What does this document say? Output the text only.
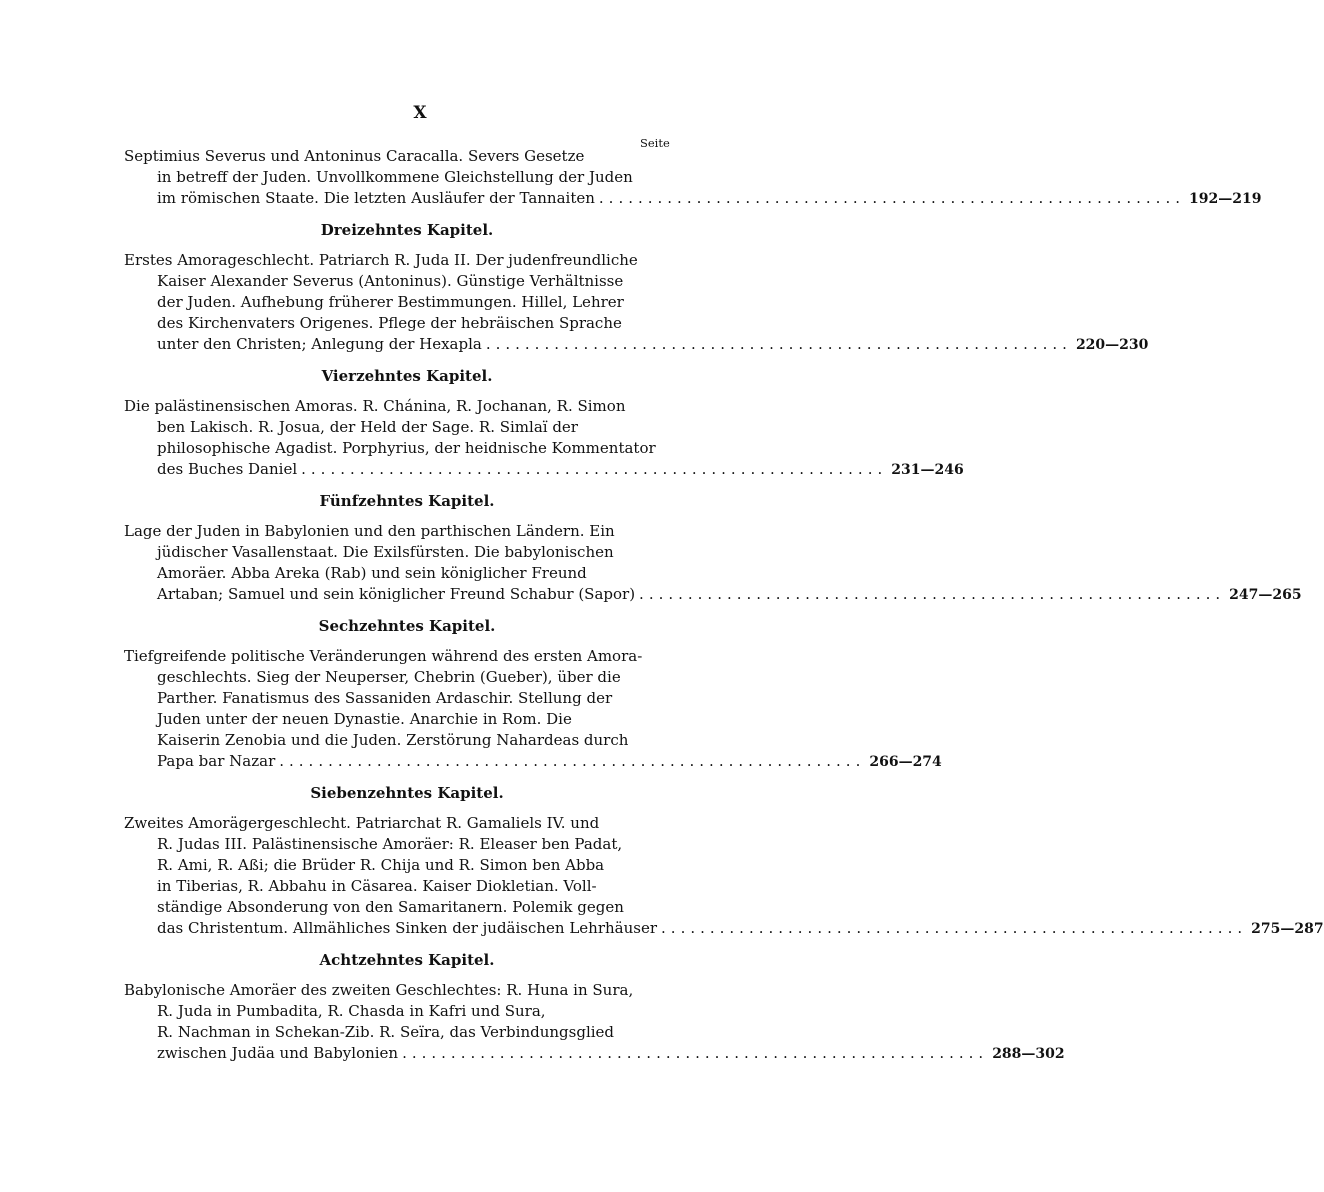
X
Seite
Septimius Severus und Antoninus Caracalla. Severs Gesetze
in betreff der Juden. Unvollkommene Gleichstellung der Juden
im römischen Staate. Die letzten Ausläufer der Tannaiten ............................................................ 192—219
Dreizehntes Kapitel.
Erstes Amorageschlecht. Patriarch R. Juda II. Der judenfreundliche
Kaiser Alexander Severus (Antoninus). Günstige Verhältnisse
der Juden. Aufhebung früherer Bestimmungen. Hillel, Lehrer
des Kirchenvaters Origenes. Pflege der hebräischen Sprache
unter den Christen; Anlegung der Hexapla ............................................................ 220—230
Vierzehntes Kapitel.
Die palästinensischen Amoras. R. Chánina, R. Jochanan, R. Simon
ben Lakisch. R. Josua, der Held der Sage. R. Simlaï der
philosophische Agadist. Porphyrius, der heidnische Kommentator
des Buches Daniel ............................................................ 231—246
Fünfzehntes Kapitel.
Lage der Juden in Babylonien und den parthischen Ländern. Ein
jüdischer Vasallenstaat. Die Exilsfürsten. Die babylonischen
Amoräer. Abba Areka (Rab) und sein königlicher Freund
Artaban; Samuel und sein königlicher Freund Schabur (Sapor) ............................................................ 247—265
Sechzehntes Kapitel.
Tiefgreifende politische Veränderungen während des ersten Amora-
geschlechts. Sieg der Neuperser, Chebrin (Gueber), über die
Parther. Fanatismus des Sassaniden Ardaschir. Stellung der
Juden unter der neuen Dynastie. Anarchie in Rom. Die
Kaiserin Zenobia und die Juden. Zerstörung Nahardeas durch
Papa bar Nazar ............................................................ 266—274
Siebenzehntes Kapitel.
Zweites Amorägergeschlecht. Patriarchat R. Gamaliels IV. und
R. Judas III. Palästinensische Amoräer: R. Eleaser ben Padat,
R. Ami, R. Aßi; die Brüder R. Chija und R. Simon ben Abba
in Tiberias, R. Abbahu in Cäsarea. Kaiser Diokletian. Voll-
ständige Absonderung von den Samaritanern. Polemik gegen
das Christentum. Allmähliches Sinken der judäischen Lehrhäuser ............................................................ 275—287
Achtzehntes Kapitel.
Babylonische Amoräer des zweiten Geschlechtes: R. Huna in Sura,
R. Juda in Pumbadita, R. Chasda in Kafri und Sura,
R. Nachman in Schekan-Zib. R. Seïra, das Verbindungsglied
zwischen Judäa und Babylonien ............................................................ 288—302
